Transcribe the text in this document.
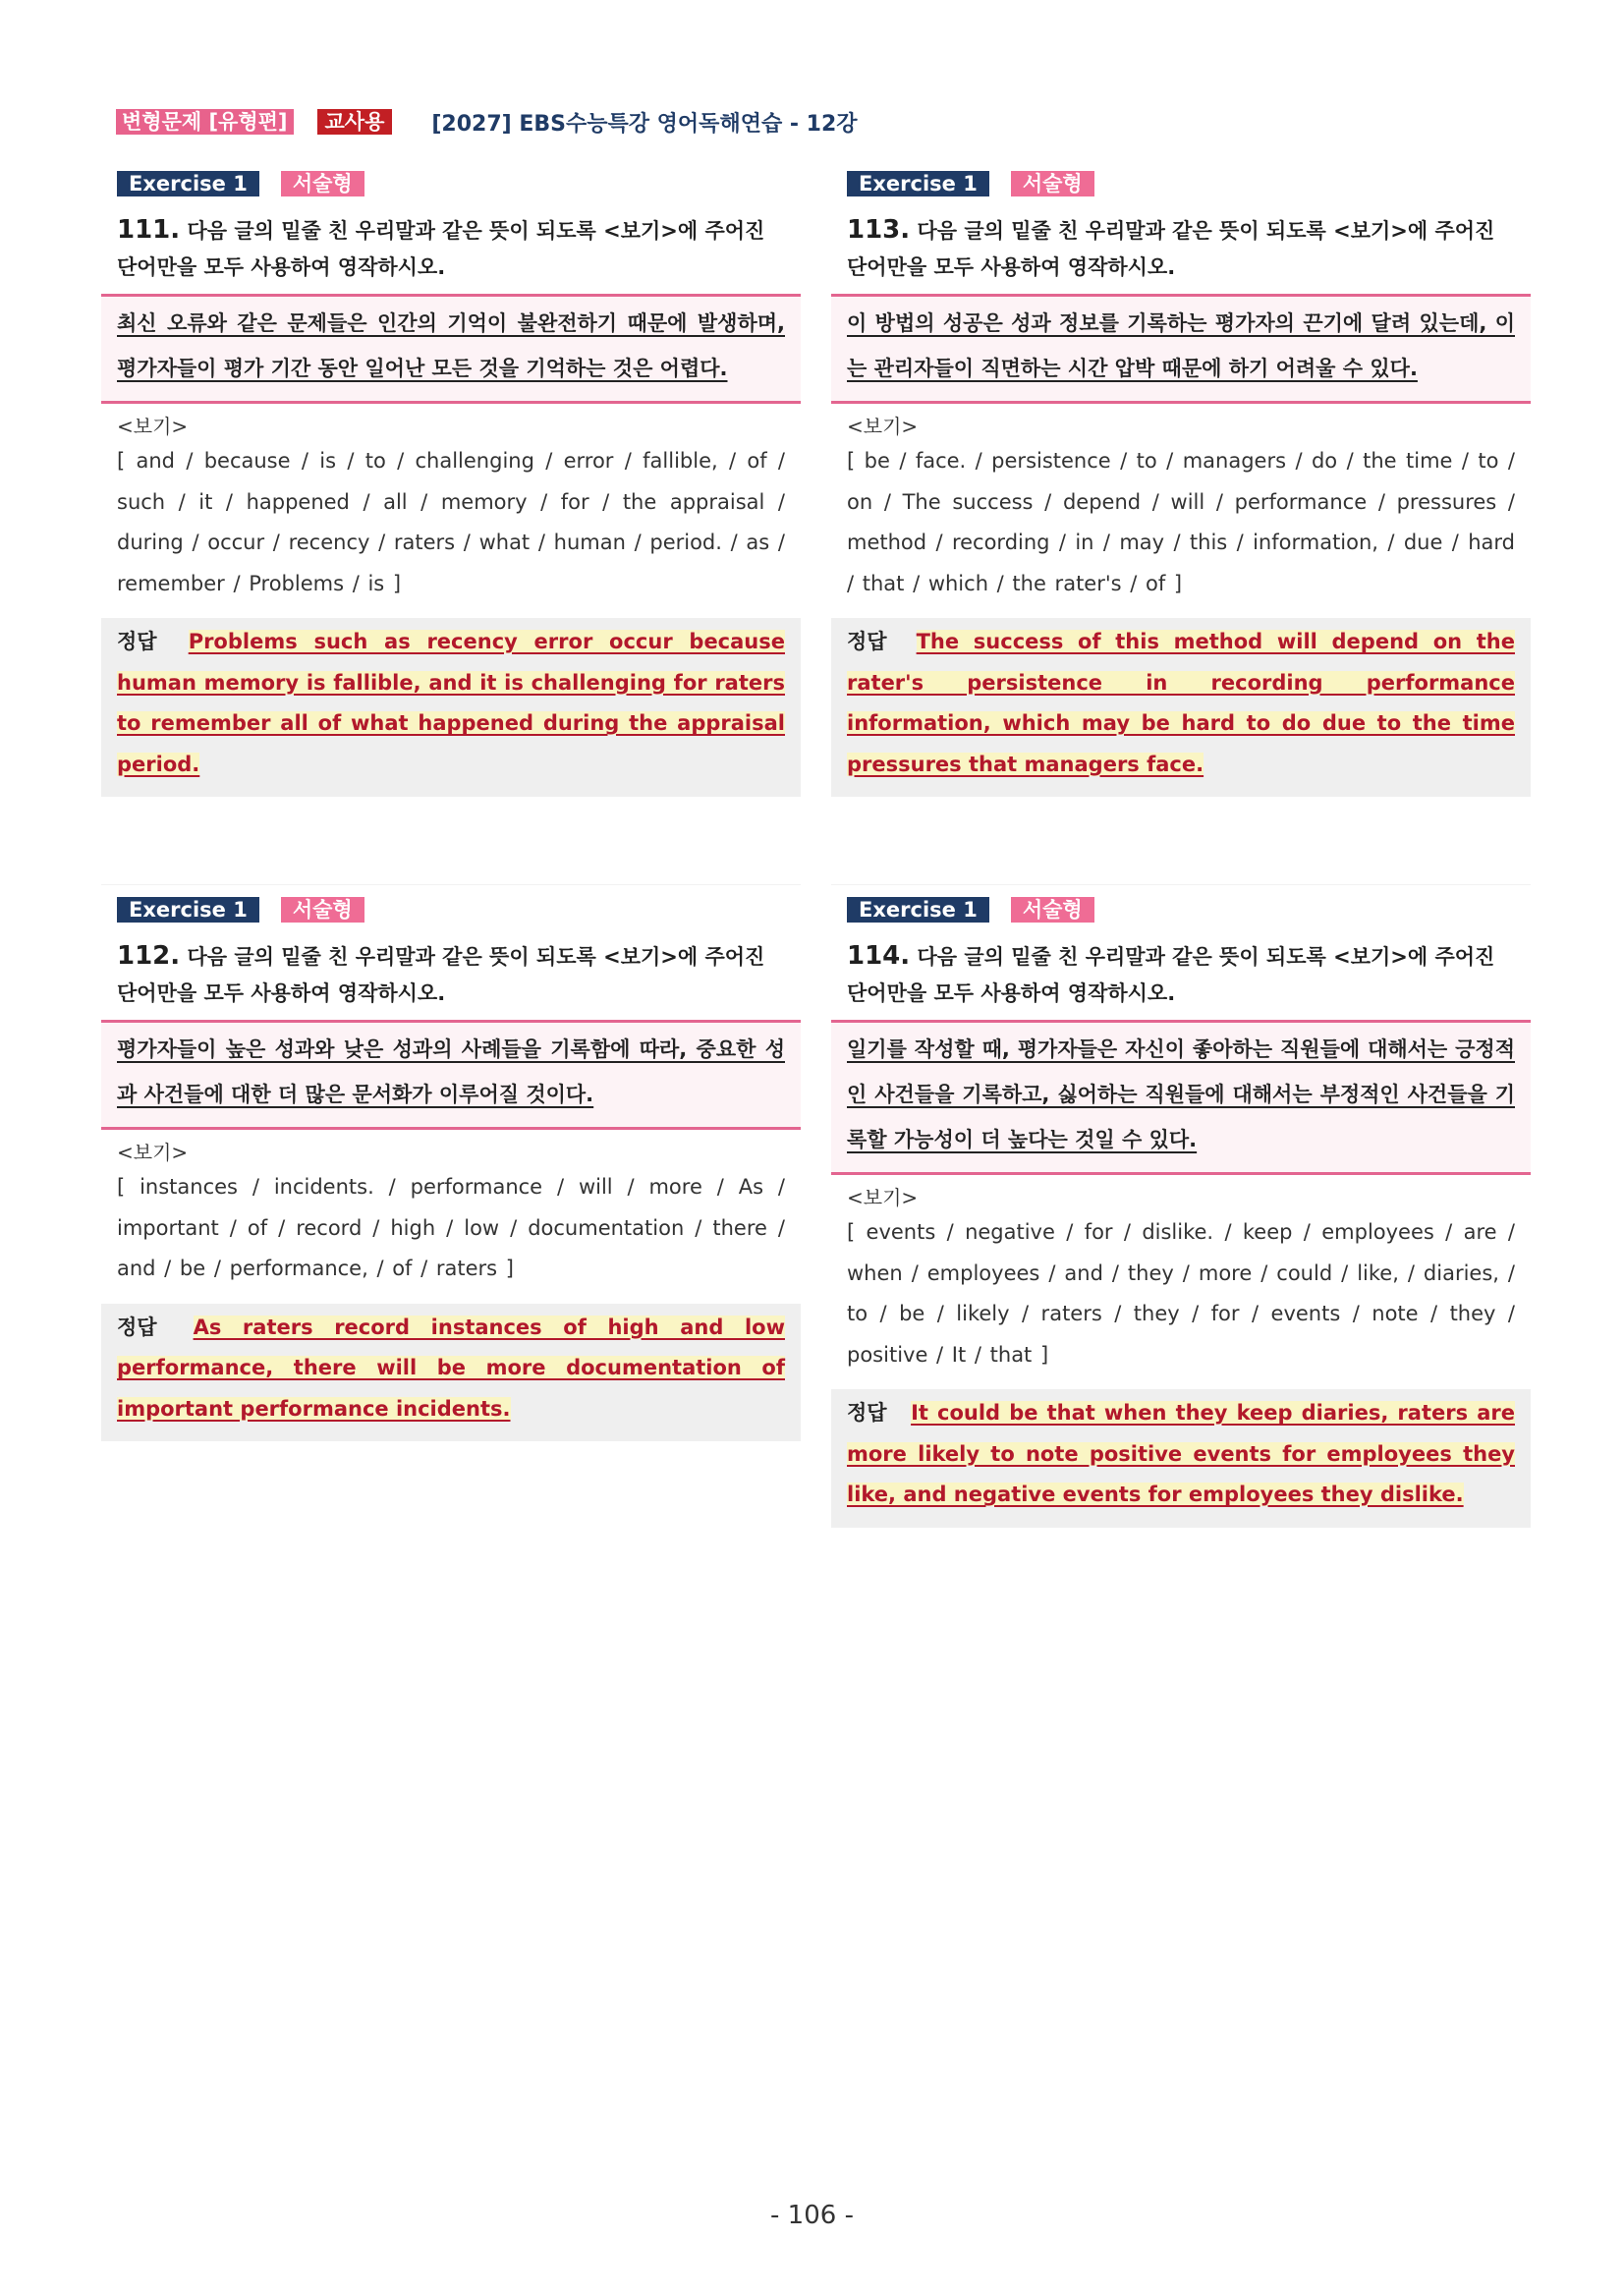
변형문제 [유형편]	교사용	[2027] EBS수능특강 영어독해연습 - 12강
Exercise 1	서술형
111. 다음 글의 밑줄 친 우리말과 같은 뜻이 되도록 <보기>에 주어진 단어만을 모두 사용하여 영작하시오.
최신 오류와 같은 문제들은 인간의 기억이 불완전하기 때문에 발생하며, 평가자들이 평가 기간 동안 일어난 모든 것을 기억하는 것은 어렵다.
<보기>
[ and / because / is / to / challenging / error / fallible, / of / such / it / happened / all / memory / for / the appraisal / during / occur / recency / raters / what / human / period. / as / remember / Problems / is ]
정답 Problems such as recency error occur because human memory is fallible, and it is challenging for raters to remember all of what happened during the appraisal period.
Exercise 1	서술형
112. 다음 글의 밑줄 친 우리말과 같은 뜻이 되도록 <보기>에 주어진 단어만을 모두 사용하여 영작하시오.
평가자들이 높은 성과와 낮은 성과의 사례들을 기록함에 따라, 중요한 성과 사건들에 대한 더 많은 문서화가 이루어질 것이다.
<보기>
[ instances / incidents. / performance / will / more / As / important / of / record / high / low / documentation / there / and / be / performance, / of / raters ]
정답 As raters record instances of high and low performance, there will be more documentation of important performance incidents.
Exercise 1	서술형
113. 다음 글의 밑줄 친 우리말과 같은 뜻이 되도록 <보기>에 주어진 단어만을 모두 사용하여 영작하시오.
이 방법의 성공은 성과 정보를 기록하는 평가자의 끈기에 달려 있는데, 이는 관리자들이 직면하는 시간 압박 때문에 하기 어려울 수 있다.
<보기>
[ be / face. / persistence / to / managers / do / the time / to / on / The success / depend / will / performance / pressures / method / recording / in / may / this / information, / due / hard / that / which / the rater's / of ]
정답 The success of this method will depend on the rater's persistence in recording performance information, which may be hard to do due to the time pressures that managers face.
Exercise 1	서술형
114. 다음 글의 밑줄 친 우리말과 같은 뜻이 되도록 <보기>에 주어진 단어만을 모두 사용하여 영작하시오.
일기를 작성할 때, 평가자들은 자신이 좋아하는 직원들에 대해서는 긍정적인 사건들을 기록하고, 싫어하는 직원들에 대해서는 부정적인 사건들을 기록할 가능성이 더 높다는 것일 수 있다.
<보기>
[ events / negative / for / dislike. / keep / employees / are / when / employees / and / they / more / could / like, / diaries, / to / be / likely / raters / they / for / events / note / they / positive / It / that ]
정답 It could be that when they keep diaries, raters are more likely to note positive events for employees they like, and negative events for employees they dislike.
- 106 -
